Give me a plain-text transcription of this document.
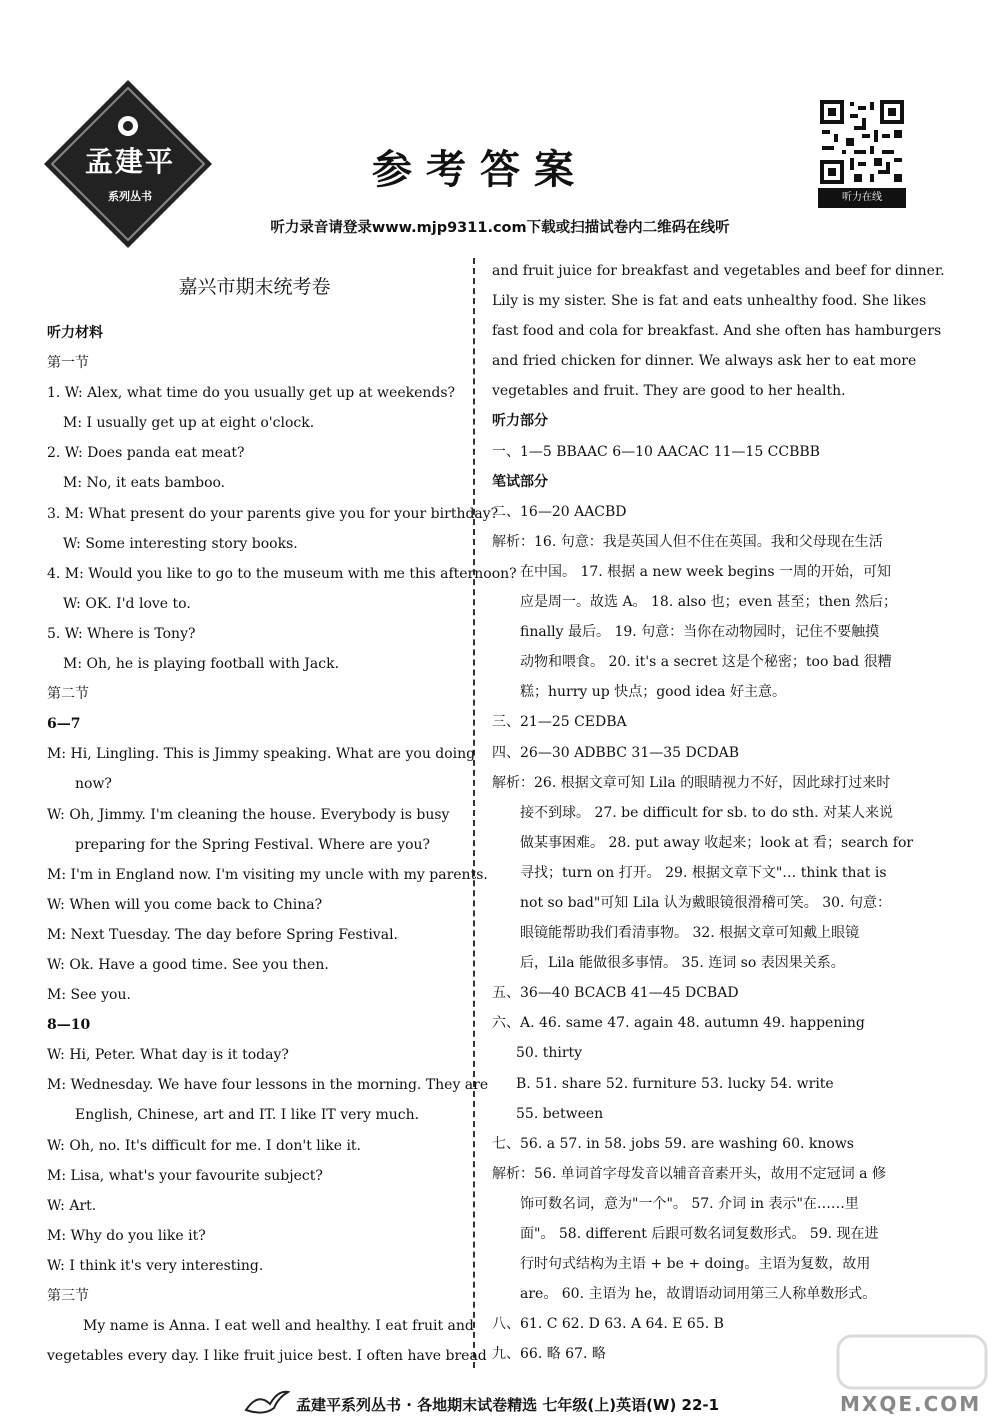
孟建平
系列丛书
参考答案
听力在线
听力录音请登录www.mjp9311.com下载或扫描试卷内二维码在线听
嘉兴市期末统考卷
听力材料
第一节
1. W: Alex, what time do you usually get up at weekends?
M: I usually get up at eight o'clock.
2. W: Does panda eat meat?
M: No, it eats bamboo.
3. M: What present do your parents give you for your birthday?
W: Some interesting story books.
4. M: Would you like to go to the museum with me this afternoon?
W: OK. I'd love to.
5. W: Where is Tony?
M: Oh, he is playing football with Jack.
第二节
6—7
M: Hi, Lingling. This is Jimmy speaking. What are you doing
now?
W: Oh, Jimmy. I'm cleaning the house. Everybody is busy
preparing for the Spring Festival. Where are you?
M: I'm in England now. I'm visiting my uncle with my parents.
W: When will you come back to China?
M: Next Tuesday. The day before Spring Festival.
W: Ok. Have a good time. See you then.
M: See you.
8—10
W: Hi, Peter. What day is it today?
M: Wednesday. We have four lessons in the morning. They are
English, Chinese, art and IT. I like IT very much.
W: Oh, no. It's difficult for me. I don't like it.
M: Lisa, what's your favourite subject?
W: Art.
M: Why do you like it?
W: I think it's very interesting.
第三节
My name is Anna. I eat well and healthy. I eat fruit and
vegetables every day. I like fruit juice best. I often have bread
and fruit juice for breakfast and vegetables and beef for dinner.
Lily is my sister. She is fat and eats unhealthy food. She likes
fast food and cola for breakfast. And she often has hamburgers
and fried chicken for dinner. We always ask her to eat more
vegetables and fruit. They are good to her health.
听力部分
一、1—5 BBAAC 6—10 AACAC 11—15 CCBBB
笔试部分
二、16—20 AACBD
解析：16. 句意：我是英国人但不住在英国。我和父母现在生活
在中国。 17. 根据 a new week begins 一周的开始，可知
应是周一。故选 A。 18. also 也；even 甚至；then 然后；
finally 最后。 19. 句意：当你在动物园时，记住不要触摸
动物和喂食。 20. it's a secret 这是个秘密；too bad 很糟
糕；hurry up 快点；good idea 好主意。
三、21—25 CEDBA
四、26—30 ADBBC 31—35 DCDAB
解析：26. 根据文章可知 Lila 的眼睛视力不好，因此球打过来时
接不到球。 27. be difficult for sb. to do sth. 对某人来说
做某事困难。 28. put away 收起来；look at 看；search for
寻找；turn on 打开。 29. 根据文章下文"… think that is
not so bad"可知 Lila 认为戴眼镜很滑稽可笑。 30. 句意：
眼镜能帮助我们看清事物。 32. 根据文章可知戴上眼镜
后，Lila 能做很多事情。 35. 连词 so 表因果关系。
五、36—40 BCACB 41—45 DCBAD
六、A. 46. same 47. again 48. autumn 49. happening
50. thirty
B. 51. share 52. furniture 53. lucky 54. write
55. between
七、56. a 57. in 58. jobs 59. are washing 60. knows
解析：56. 单词首字母发音以辅音音素开头，故用不定冠词 a 修
饰可数名词，意为"一个"。 57. 介词 in 表示"在……里
面"。 58. different 后跟可数名词复数形式。 59. 现在进
行时句式结构为主语 + be + doing。主语为复数，故用
are。 60. 主语为 he，故谓语动词用第三人称单数形式。
八、61. C 62. D 63. A 64. E 65. B
九、66. 略 67. 略
孟建平系列丛书 · 各地期末试卷精选 七年级(上)英语(W) 22-1	MXQE.COM
